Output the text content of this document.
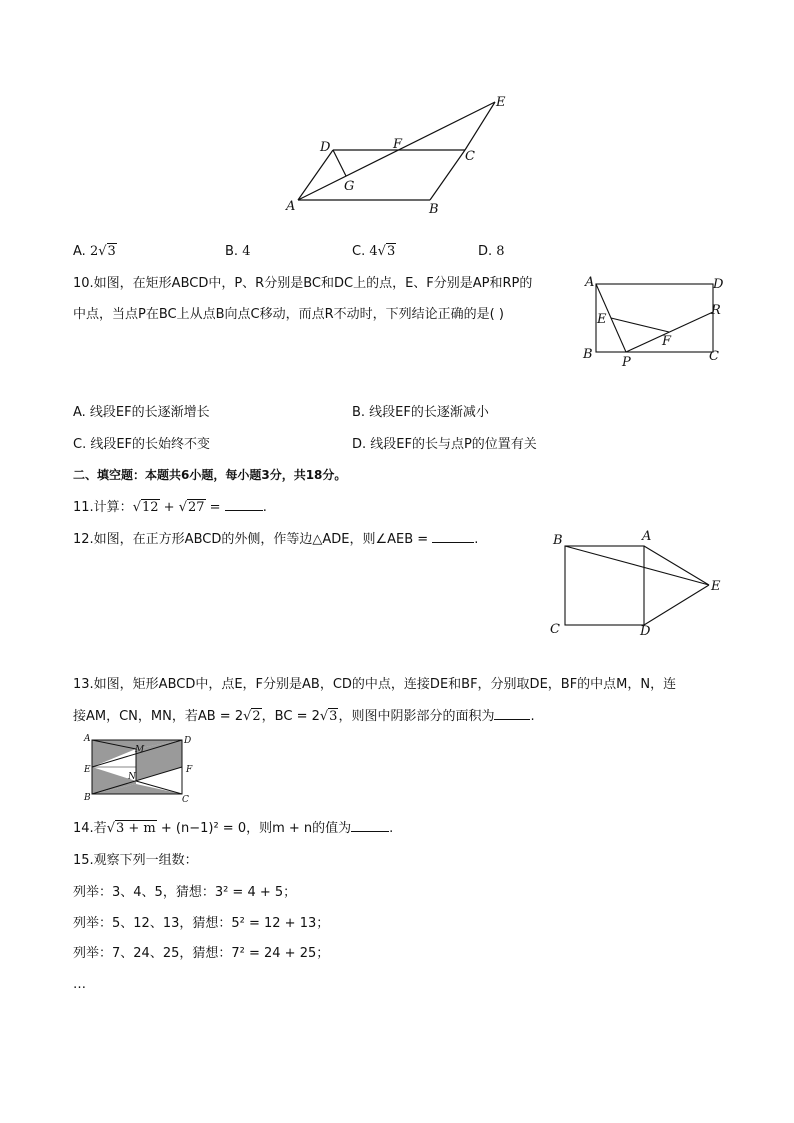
A	B
C
D
E
F
G
A. 2√3	B. 4	C. 4√3	D. 8
10.如图，在矩形ABCD中，P、R分别是BC和DC上的点，E、F分别是AP和RP的
中点，当点P在BC上从点B向点C移动，而点R不动时，下列结论正确的是( )
A	D
R
E
F
B
P	C
A. 线段EF的长逐渐增长	B. 线段EF的长逐渐减小
C. 线段EF的长始终不变	D. 线段EF的长与点P的位置有关
二、填空题：本题共6小题，每小题3分，共18分。
11.计算：√12 + √27 =	.
12.如图，在正方形ABCD的外侧，作等边△ADE，则∠AEB =	.	B	A
E
C	D
13.如图，矩形ABCD中，点E，F分别是AB，CD的中点，连接DE和BF，分别取DE，BF的中点M，N，连
接AM，CN，MN，若AB = 2√2，BC = 2√3，则图中阴影部分的面积为	.
A	D
M
E	F
N
B	C
14.若√3 + m + (n−1)² = 0，则m + n的值为	.
15.观察下列一组数：
列举：3、4、5，猜想：3² = 4 + 5；
列举：5、12、13，猜想：5² = 12 + 13；
列举：7、24、25，猜想：7² = 24 + 25；
…
